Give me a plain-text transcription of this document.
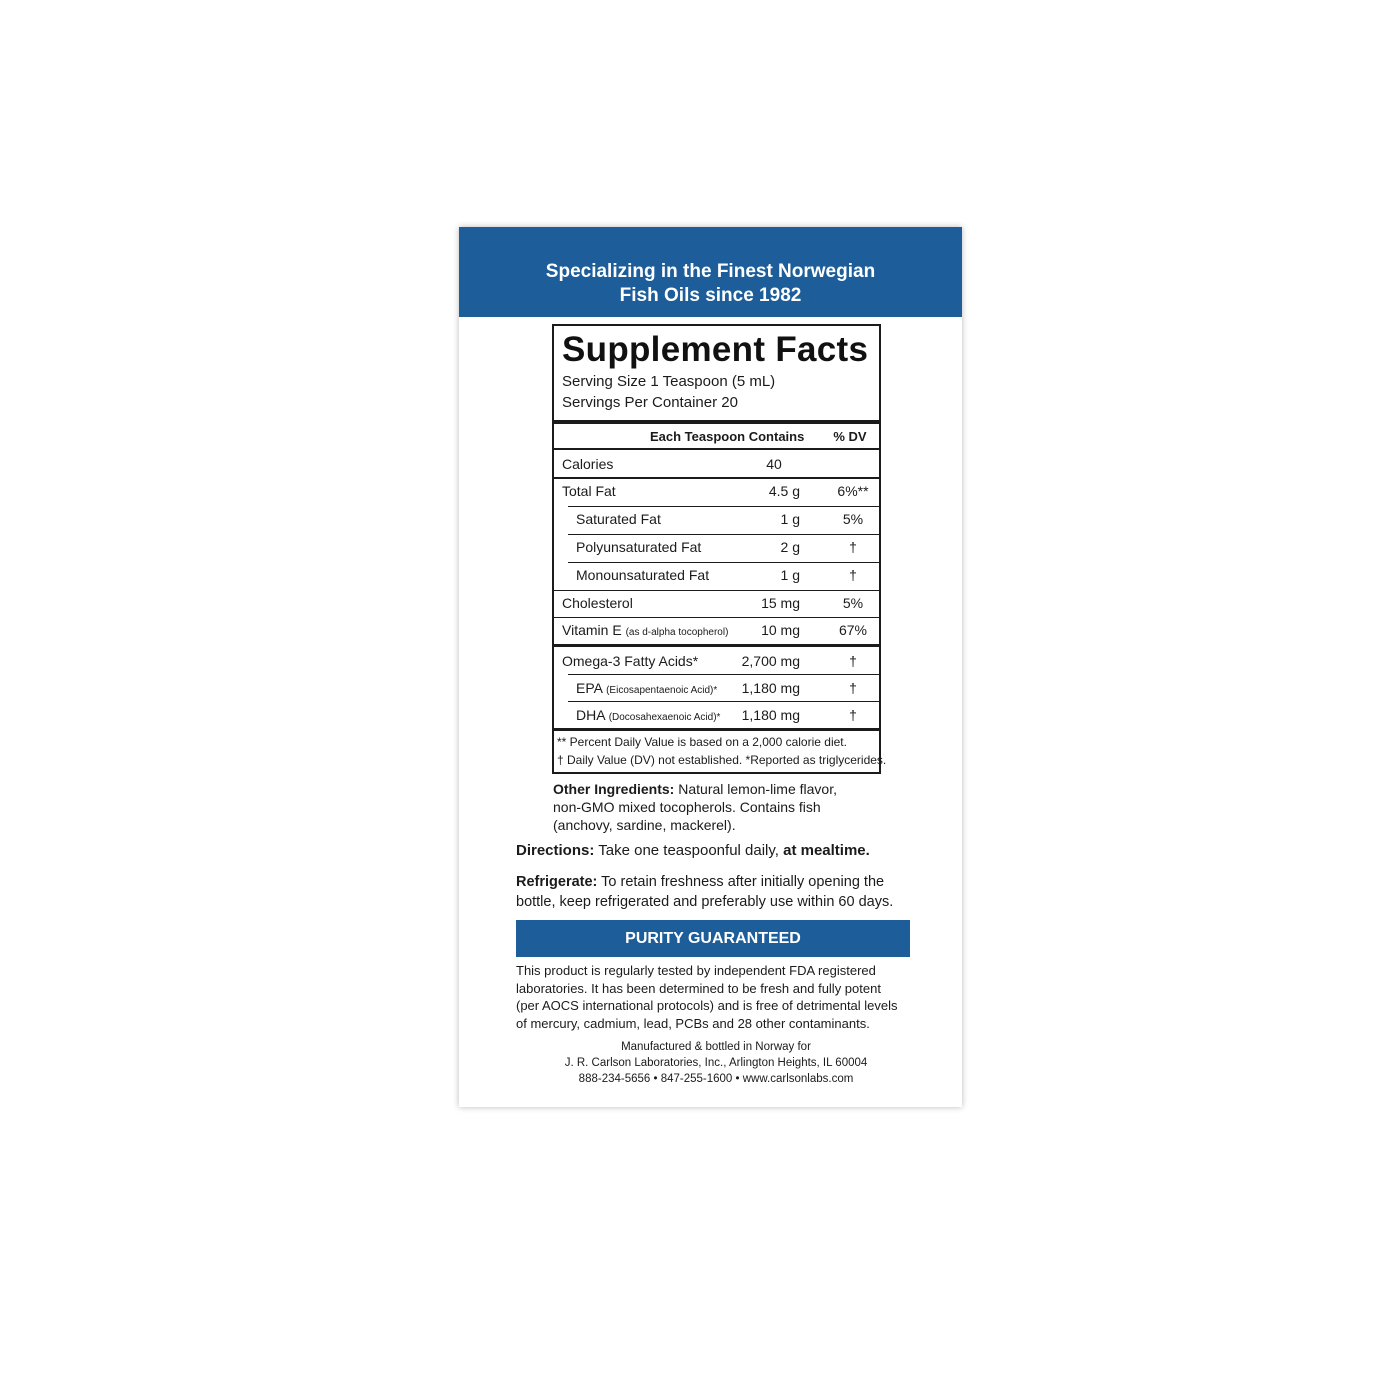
Specializing in the Finest Norwegian
Fish Oils since 1982
Supplement Facts
Serving Size 1 Teaspoon (5 mL)
Servings Per Container 20
Each Teaspoon Contains	% DV
Calories	40
Total Fat	4.5 g	6%**
Saturated Fat	1 g	5%
Polyunsaturated Fat	2 g	†
Monounsaturated Fat	1 g	†
Cholesterol	15 mg	5%
Vitamin E (as d-alpha tocopherol)	10 mg	67%
Omega-3 Fatty Acids*	2,700 mg	†
EPA (Eicosapentaenoic Acid)*	1,180 mg	†
DHA (Docosahexaenoic Acid)*	1,180 mg	†
** Percent Daily Value is based on a 2,000 calorie diet.
† Daily Value (DV) not established. *Reported as triglycerides.
Other Ingredients: Natural lemon-lime flavor,
non-GMO mixed tocopherols. Contains fish
(anchovy, sardine, mackerel).
Directions: Take one teaspoonful daily, at mealtime.
Refrigerate: To retain freshness after initially opening the
bottle, keep refrigerated and preferably use within 60 days.
PURITY GUARANTEED
This product is regularly tested by independent FDA registered
laboratories. It has been determined to be fresh and fully potent
(per AOCS international protocols) and is free of detrimental levels
of mercury, cadmium, lead, PCBs and 28 other contaminants.
Manufactured & bottled in Norway for
J. R. Carlson Laboratories, Inc., Arlington Heights, IL 60004
888-234-5656 • 847-255-1600 • www.carlsonlabs.com
